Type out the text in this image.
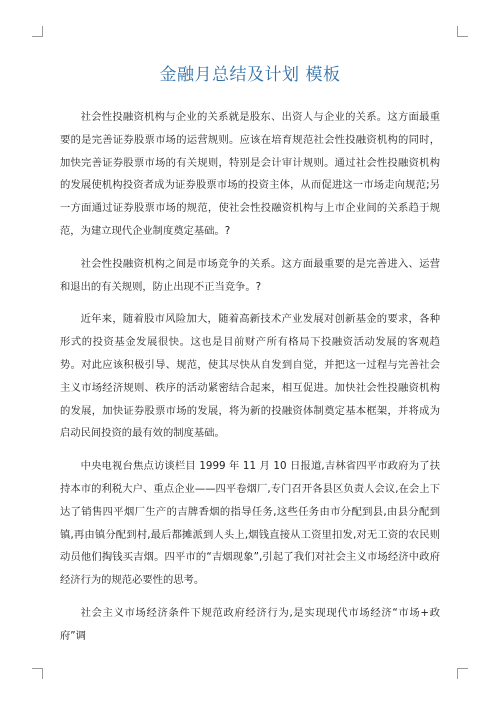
金融月总结及计划 模板

社会性投融资机构与企业的关系就是股东、出资人与企业的关系。这方面最重要的是完善证券股票市场的运营规则。应该在培育规范社会性投融资机构的同时，加快完善证券股票市场的有关规则，特别是会计审计规则。通过社会性投融资机构的发展使机构投资者成为证券股票市场的投资主体，从而促进这一市场走向规范;另一方面通过证券股票市场的规范，使社会性投融资机构与上市企业间的关系趋于规范，为建立现代企业制度奠定基础。?

社会性投融资机构之间是市场竞争的关系。这方面最重要的是完善进入、运营和退出的有关规则，防止出现不正当竞争。?

近年来，随着股市风险加大，随着高新技术产业发展对创新基金的要求，各种形式的投资基金发展很快。这也是目前财产所有格局下投融资活动发展的客观趋势。对此应该积极引导、规范，使其尽快从自发到自觉，并把这一过程与完善社会主义市场经济规则、秩序的活动紧密结合起来，相互促进。加快社会性投融资机构的发展，加快证券股票市场的发展，将为新的投融资体制奠定基本框架，并将成为启动民间投资的最有效的制度基础。

中央电视台焦点访谈栏目 1999 年 11 月 10 日报道,吉林省四平市政府为了扶持本市的利税大户、重点企业——四平卷烟厂,专门召开各县区负责人会议,在会上下达了销售四平烟厂生产的吉牌香烟的指导任务,这些任务由市分配到县,由县分配到镇,再由镇分配到村,最后都摊派到人头上,烟钱直接从工资里扣发,对无工资的农民则动员他们掏钱买吉烟。四平市的“吉烟现象”,引起了我们对社会主义市场经济中政府经济行为的规范必要性的思考。

社会主义市场经济条件下规范政府经济行为,是实现现代市场经济“市场+政府”调
